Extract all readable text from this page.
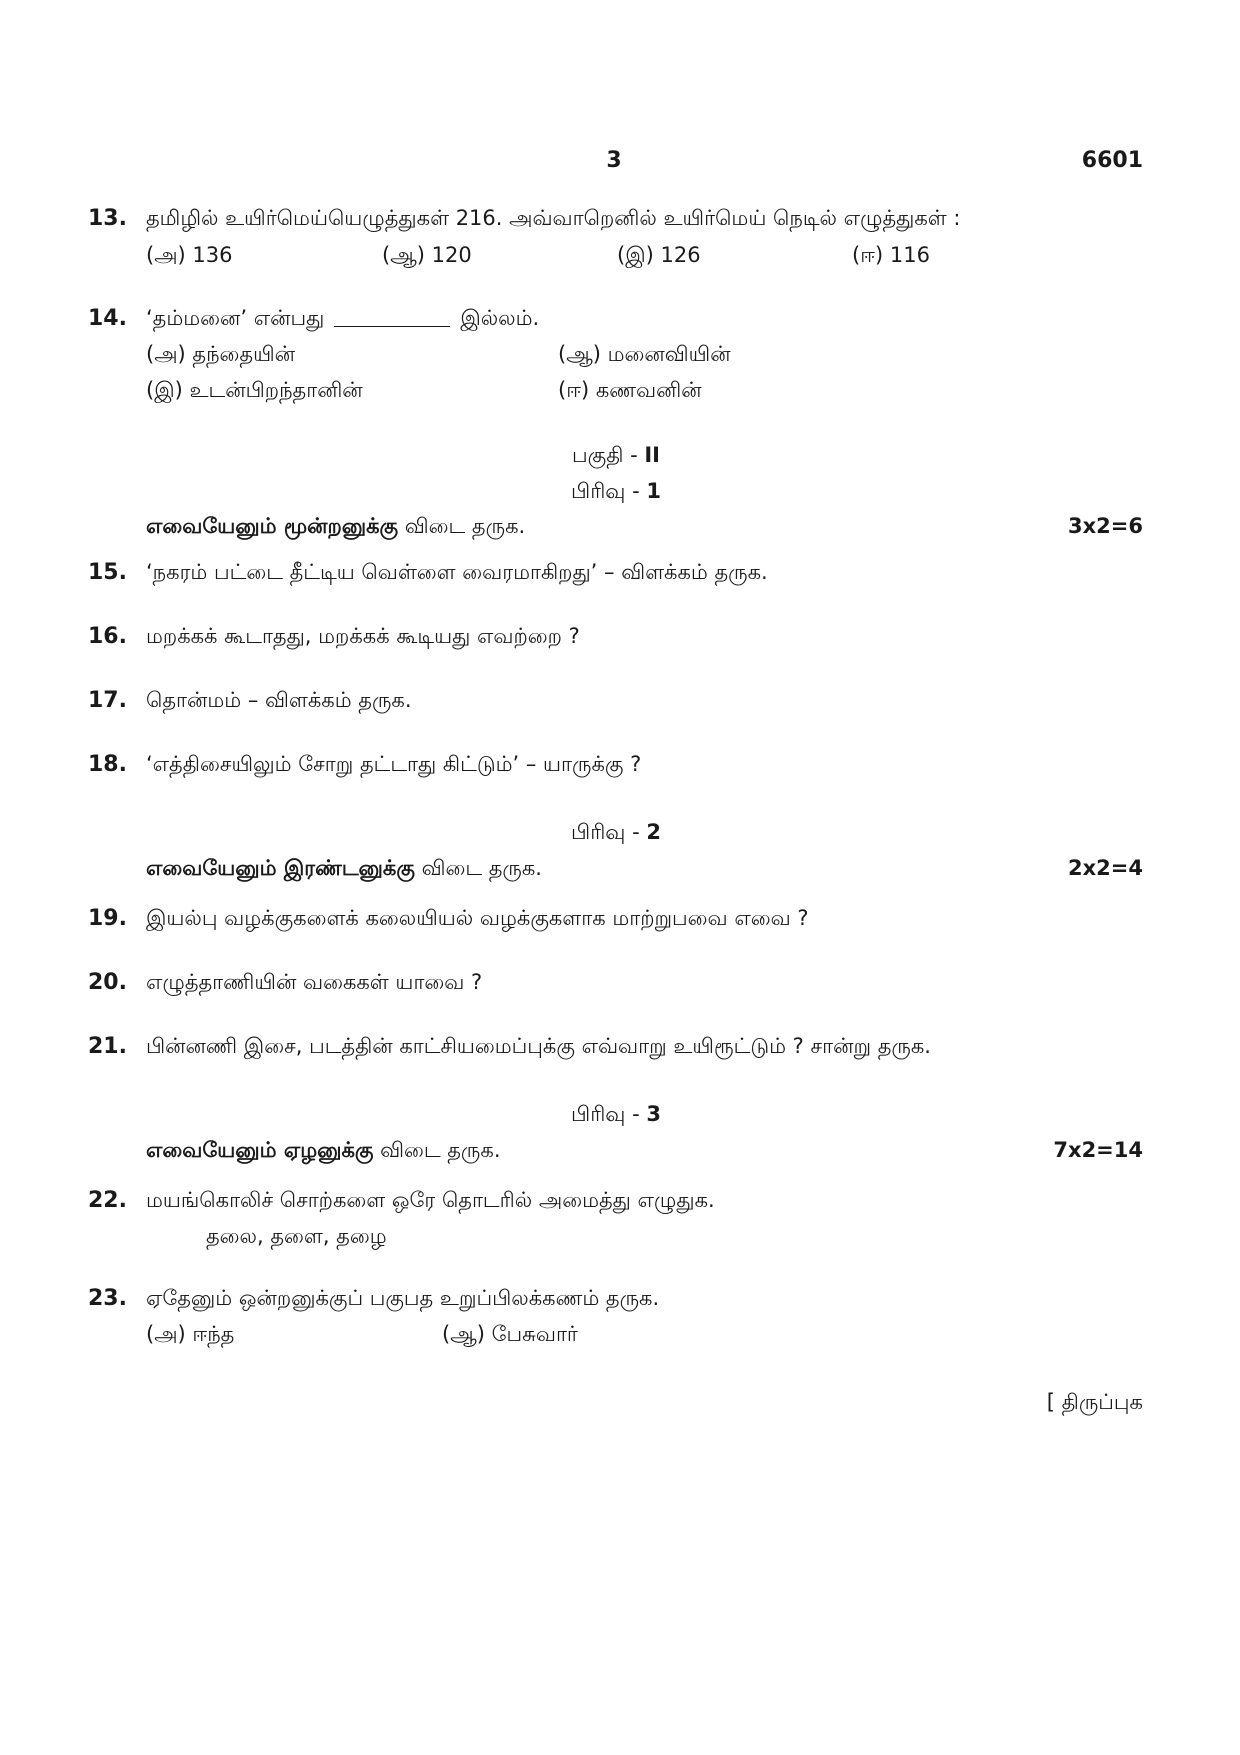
3	6601
13. தமிழில் உயிர்மெய்யெழுத்துகள் 216. அவ்வாறெனில் உயிர்மெய் நெடில் எழுத்துகள் :
(அ) 136	(ஆ) 120	(இ) 126	(ஈ) 116
14. ‘தம்மனை’ என்பது	இல்லம்.
(அ) தந்தையின்	(ஆ) மனைவியின்
(இ) உடன்பிறந்தானின்	(ஈ) கணவனின்
பகுதி - II
பிரிவு - 1
எவையேனும் மூன்றனுக்கு விடை தருக.	3x2=6
15. ‘நகரம் பட்டை தீட்டிய வெள்ளை வைரமாகிறது’ – விளக்கம் தருக.
16. மறக்கக் கூடாதது, மறக்கக் கூடியது எவற்றை ?
17. தொன்மம் – விளக்கம் தருக.
18. ‘எத்திசையிலும் சோறு தட்டாது கிட்டும்’ – யாருக்கு ?
பிரிவு - 2
எவையேனும் இரண்டனுக்கு விடை தருக.	2x2=4
19. இயல்பு வழக்குகளைக் கலையியல் வழக்குகளாக மாற்றுபவை எவை ?
20. எழுத்தாணியின் வகைகள் யாவை ?
21. பின்னணி இசை, படத்தின் காட்சியமைப்புக்கு எவ்வாறு உயிரூட்டும் ? சான்று தருக.
பிரிவு - 3
எவையேனும் ஏழனுக்கு விடை தருக.	7x2=14
22. மயங்கொலிச் சொற்களை ஒரே தொடரில் அமைத்து எழுதுக.
தலை, தளை, தழை
23. ஏதேனும் ஒன்றனுக்குப் பகுபத உறுப்பிலக்கணம் தருக.
(அ) ஈந்த	(ஆ) பேசுவார்
[ திருப்புக
